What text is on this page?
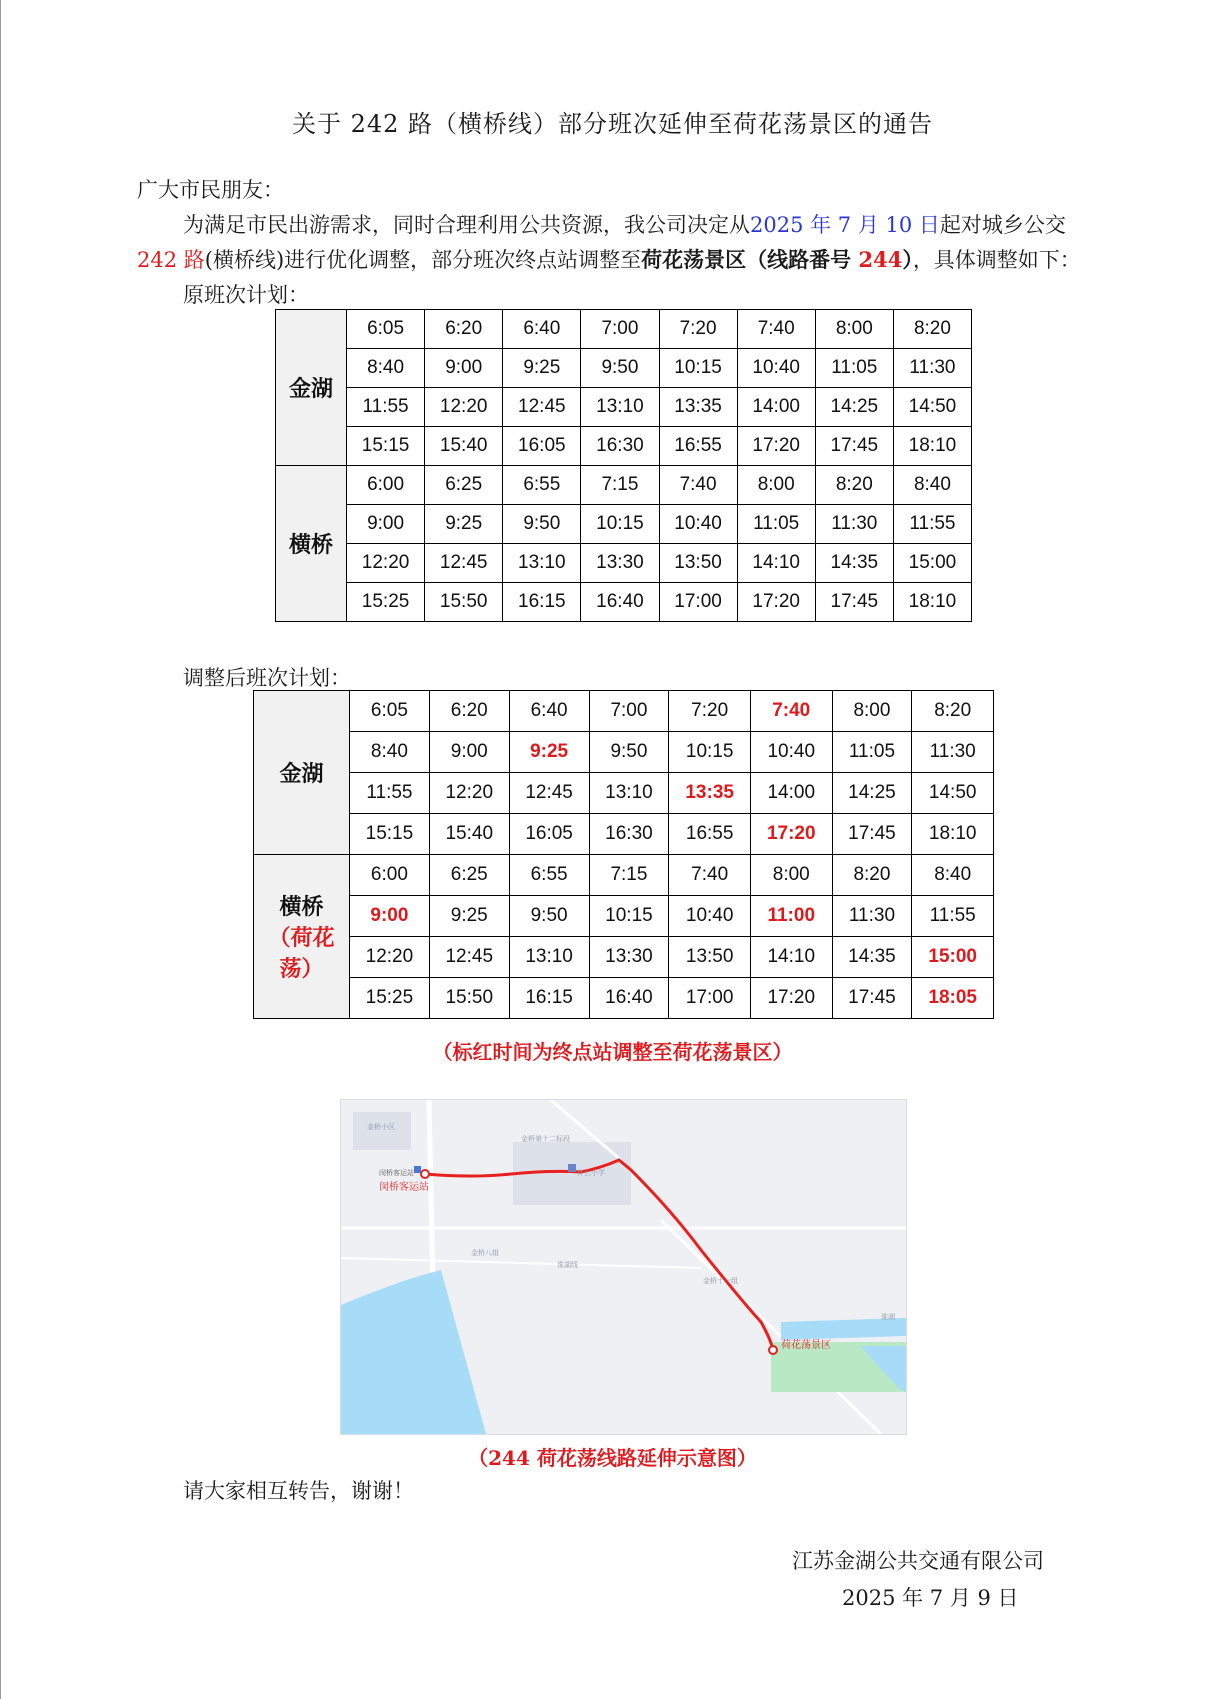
关于 242 路（横桥线）部分班次延伸至荷花荡景区的通告
广大市民朋友：
为满足市民出游需求，同时合理利用公共资源，我公司决定从2025 年 7 月 10 日起对城乡公交
242 路(横桥线)进行优化调整，部分班次终点站调整至荷花荡景区（线路番号 244），具体调整如下：
原班次计划：
金湖	6:05	6:20	6:40	7:00	7:20	7:40	8:00	8:20
	8:40	9:00	9:25	9:50	10:15	10:40	11:05	11:30
	11:55	12:20	12:45	13:10	13:35	14:00	14:25	14:50
	15:15	15:40	16:05	16:30	16:55	17:20	17:45	18:10

横桥	6:00	6:25	6:55	7:15	7:40	8:00	8:20	8:40
	9:00	9:25	9:50	10:15	10:40	11:05	11:30	11:55
	12:20	12:45	13:10	13:30	13:50	14:10	14:35	15:00
	15:25	15:50	16:15	16:40	17:00	17:20	17:45	18:10
调整后班次计划：
金湖	6:05	6:20	6:40	7:00	7:20	7:40	8:00	8:20
	8:40	9:00	9:25	9:50	10:15	10:40	11:05	11:30
	11:55	12:20	12:45	13:10	13:35	14:00	14:25	14:50
	15:15	15:40	16:05	16:30	16:55	17:20	17:45	18:10

横桥
（荷花荡）	6:00	6:25	6:55	7:15	7:40	8:00	8:20	8:40
	9:00	9:25	9:50	10:15	10:40	11:00	11:30	11:55
	12:20	12:45	13:10	13:30	13:50	14:10	14:35	15:00
	15:25	15:50	16:15	16:40	17:00	17:20	17:45	18:05
（标红时间为终点站调整至荷花荡景区）
闵桥客运站
闵桥客运站
荷花荡景区
金桥小区
金桥第十二标段
金桥八组
金桥十一组
淮湖线
淮湖
什么小学
（244 荷花荡线路延伸示意图）
请大家相互转告，谢谢！
江苏金湖公共交通有限公司
2025 年 7 月 9 日
